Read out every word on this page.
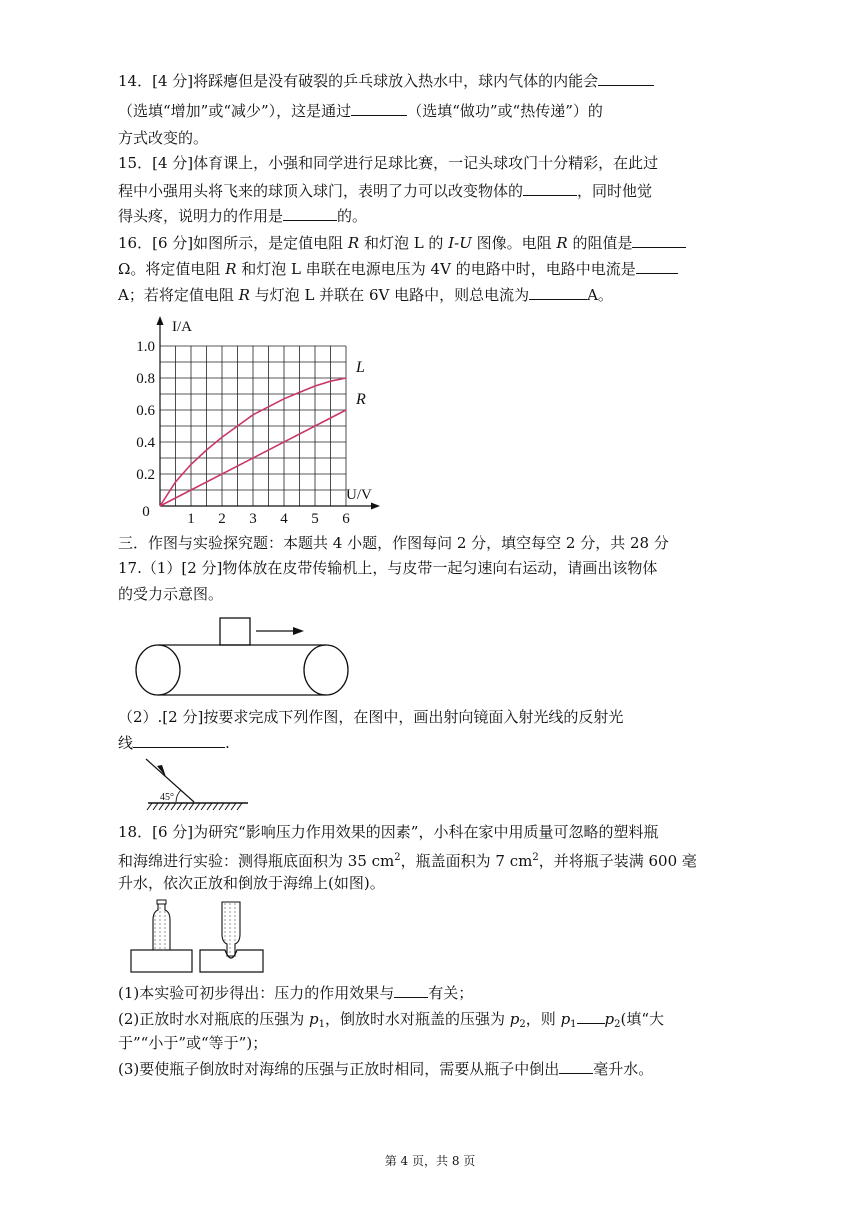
14．[4 分]将踩瘪但是没有破裂的乒乓球放入热水中，球内气体的内能会
（选填“增加”或“减少”），这是通过	（选填“做功”或“热传递”）的
方式改变的。
15．[4 分]体育课上，小强和同学进行足球比赛，一记头球攻门十分精彩，在此过
程中小强用头将飞来的球顶入球门，表明了力可以改变物体的	，同时他觉
得头疼，说明力的作用是	的。
16．[6 分]如图所示，是定值电阻 R 和灯泡 L 的 I-U 图像。电阻 R 的阻值是
Ω。将定值电阻 R 和灯泡 L 串联在电源电压为 4V 的电路中时，电路中电流是
A；若将定值电阻 R 与灯泡 L 并联在 6V 电路中，则总电流为	A。
L
R
1 2 3 4 5 6
0.2
0.4
0.6
0.8
1.0
0
I/A
U/V
三．作图与实验探究题：本题共 4 小题，作图每问 2 分，填空每空 2 分，共 28 分
17.（1）[2 分]物体放在皮带传输机上，与皮带一起匀速向右运动，请画出该物体
的受力示意图。
（2）.[2 分]按要求完成下列作图，在图中，画出射向镜面入射光线的反射光
线	.
45°
18．[6 分]为研究“影响压力作用效果的因素”，小科在家中用质量可忽略的塑料瓶
和海绵进行实验：测得瓶底面积为 35 $cm^2$，瓶盖面积为 7 $cm^2$，并将瓶子装满 600 毫
升水，依次正放和倒放于海绵上(如图)。
(1)本实验可初步得出：压力的作用效果与 有关；
(2)正放时水对瓶底的压强为 $p_1$，倒放时水对瓶盖的压强为 $p_2$，则 $p_1$ $p_2$(填“大
于”“小于”或“等于”)；
(3)要使瓶子倒放时对海绵的压强与正放时相同，需要从瓶子中倒出 毫升水。
第 4 页，共 8 页
